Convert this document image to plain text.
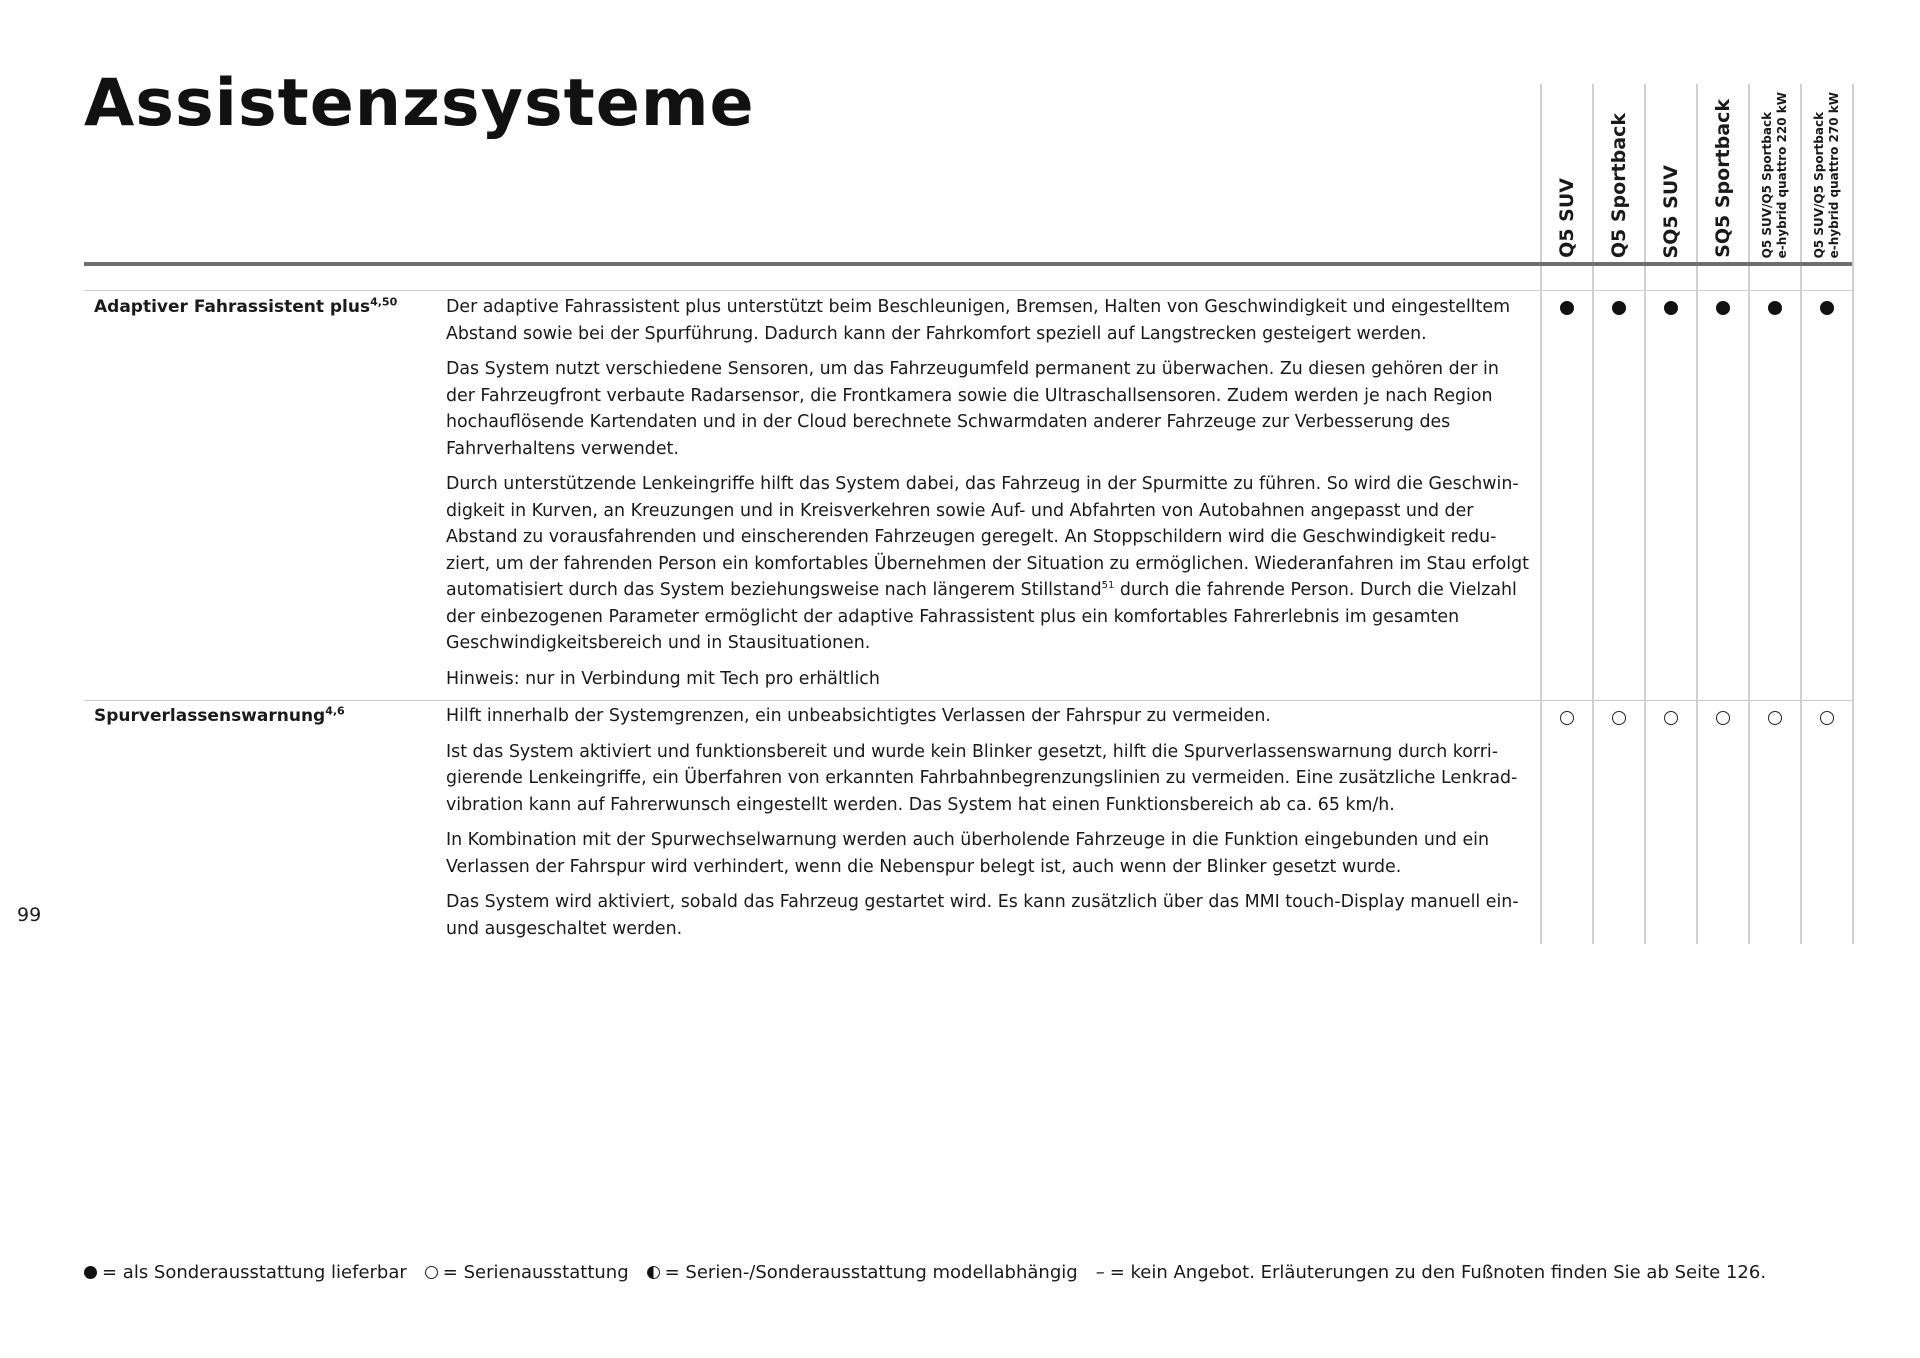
Assistenzsysteme
Q5 SUV Q5 Sportback SQ5 SUV SQ5 Sportback Q5 SUV/Q5 Sportback
e-hybrid quattro 220 kW Q5 SUV/Q5 Sportback
e-hybrid quattro 270 kW
Adaptiver Fahrassistent plus$^{4,50}$	Der adaptive Fahrassistent plus unterstützt beim Beschleunigen, Bremsen, Halten von Geschwindigkeit und eingestelltem Abstand sowie bei der Spurführung. Dadurch kann der Fahrkomfort speziell auf Langstrecken gesteigert werden.

Das System nutzt verschiedene Sensoren, um das Fahrzeugumfeld permanent zu überwachen. Zu diesen gehören der in der Fahrzeugfront verbaute Radarsensor, die Frontkamera sowie die Ultraschallsensoren. Zudem werden je nach Region hochauflösende Kartendaten und in der Cloud berechnete Schwarmdaten anderer Fahrzeuge zur Verbesserung des Fahrverhaltens verwendet.

Durch unterstützende Lenkeingriffe hilft das System dabei, das Fahrzeug in der Spurmitte zu führen. So wird die Geschwindigkeit in Kurven, an Kreuzungen und in Kreisverkehren sowie Auf- und Abfahrten von Autobahnen angepasst und der Abstand zu vorausfahrenden und einscherenden Fahrzeugen geregelt. An Stoppschildern wird die Geschwindigkeit reduziert, um der fahrenden Person ein komfortables Übernehmen der Situation zu ermöglichen. Wiederanfahren im Stau erfolgt automatisiert durch das System beziehungsweise nach längerem Stillstand$^{51}$ durch die fahrende Person. Durch die Vielzahl der einbezogenen Parameter ermöglicht der adaptive Fahrassistent plus ein komfortables Fahrerlebnis im gesamten Geschwindigkeitsbereich und in Stausituationen.

Hinweis: nur in Verbindung mit Tech pro erhältlich

Spurverlassenswarnung$^{4,6}$	Hilft innerhalb der Systemgrenzen, ein unbeabsichtigtes Verlassen der Fahrspur zu vermeiden.

Ist das System aktiviert und funktionsbereit und wurde kein Blinker gesetzt, hilft die Spurverlassenswarnung durch korrigierende Lenkeingriffe, ein Überfahren von erkannten Fahrbahnbegrenzungslinien zu vermeiden. Eine zusätzliche Lenkradvibration kann auf Fahrerwunsch eingestellt werden. Das System hat einen Funktionsbereich ab ca. 65 km/h.

In Kombination mit der Spurwechselwarnung werden auch überholende Fahrzeuge in die Funktion eingebunden und ein Verlassen der Fahrspur wird verhindert, wenn die Nebenspur belegt ist, auch wenn der Blinker gesetzt wurde.

Das System wird aktiviert, sobald das Fahrzeug gestartet wird. Es kann zusätzlich über das MMI touch-Display manuell ein- und ausgeschaltet werden.

99
= als Sonderausstattung lieferbar = Serienausstattung = Serien-/Sonderausstattung modellabhängig – = kein Angebot. Erläuterungen zu den Fußnoten finden Sie ab Seite 126.
